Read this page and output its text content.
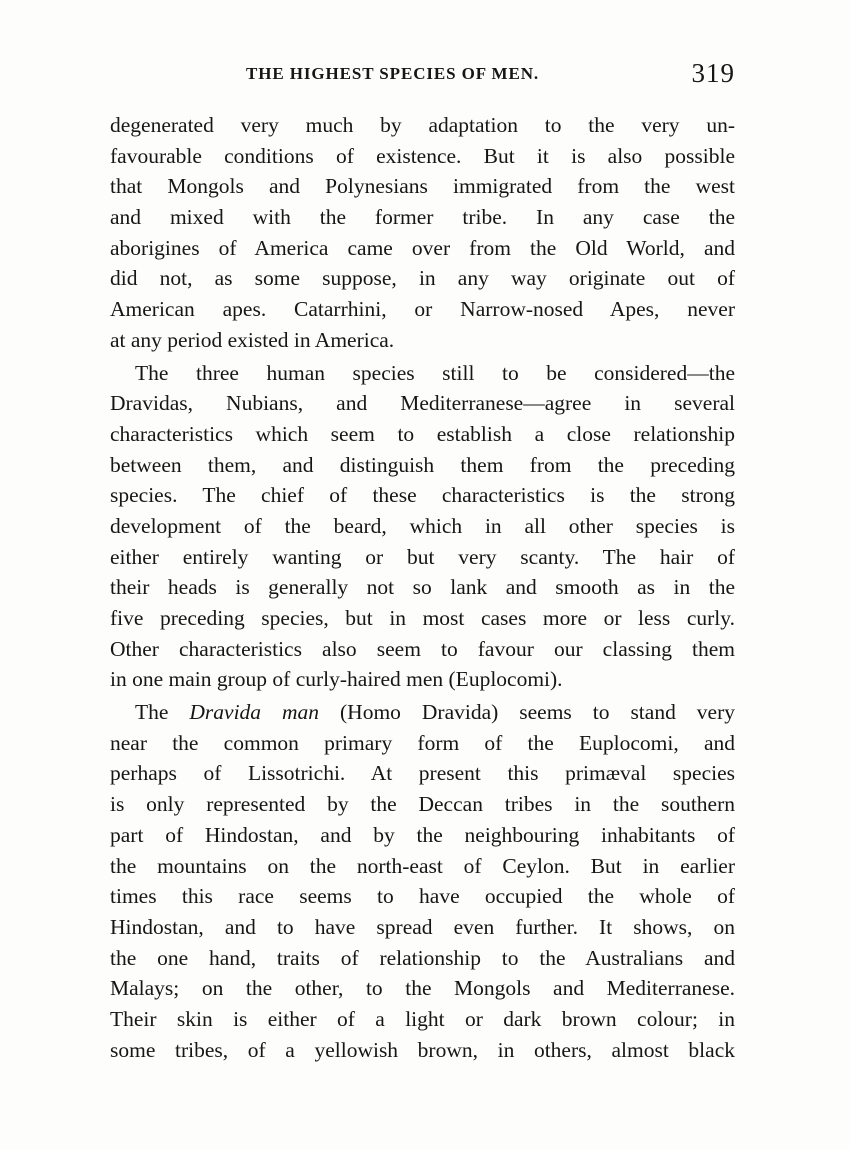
THE HIGHEST SPECIES OF MEN.	319
degenerated very much by adaptation to the very un-
favourable conditions of existence. But it is also possible
that Mongols and Polynesians immigrated from the west
and mixed with the former tribe. In any case the
aborigines of America came over from the Old World, and
did not, as some suppose, in any way originate out of
American apes. Catarrhini, or Narrow-nosed Apes, never
at any period existed in America.
The three human species still to be considered—the
Dravidas, Nubians, and Mediterranese—agree in several
characteristics which seem to establish a close relationship
between them, and distinguish them from the preceding
species. The chief of these characteristics is the strong
development of the beard, which in all other species is
either entirely wanting or but very scanty. The hair of
their heads is generally not so lank and smooth as in the
five preceding species, but in most cases more or less curly.
Other characteristics also seem to favour our classing them
in one main group of curly-haired men (Euplocomi).
The Dravida man (Homo Dravida) seems to stand very
near the common primary form of the Euplocomi, and
perhaps of Lissotrichi. At present this primæval species
is only represented by the Deccan tribes in the southern
part of Hindostan, and by the neighbouring inhabitants of
the mountains on the north-east of Ceylon. But in earlier
times this race seems to have occupied the whole of
Hindostan, and to have spread even further. It shows, on
the one hand, traits of relationship to the Australians and
Malays; on the other, to the Mongols and Mediterranese.
Their skin is either of a light or dark brown colour; in
some tribes, of a yellowish brown, in others, almost black
